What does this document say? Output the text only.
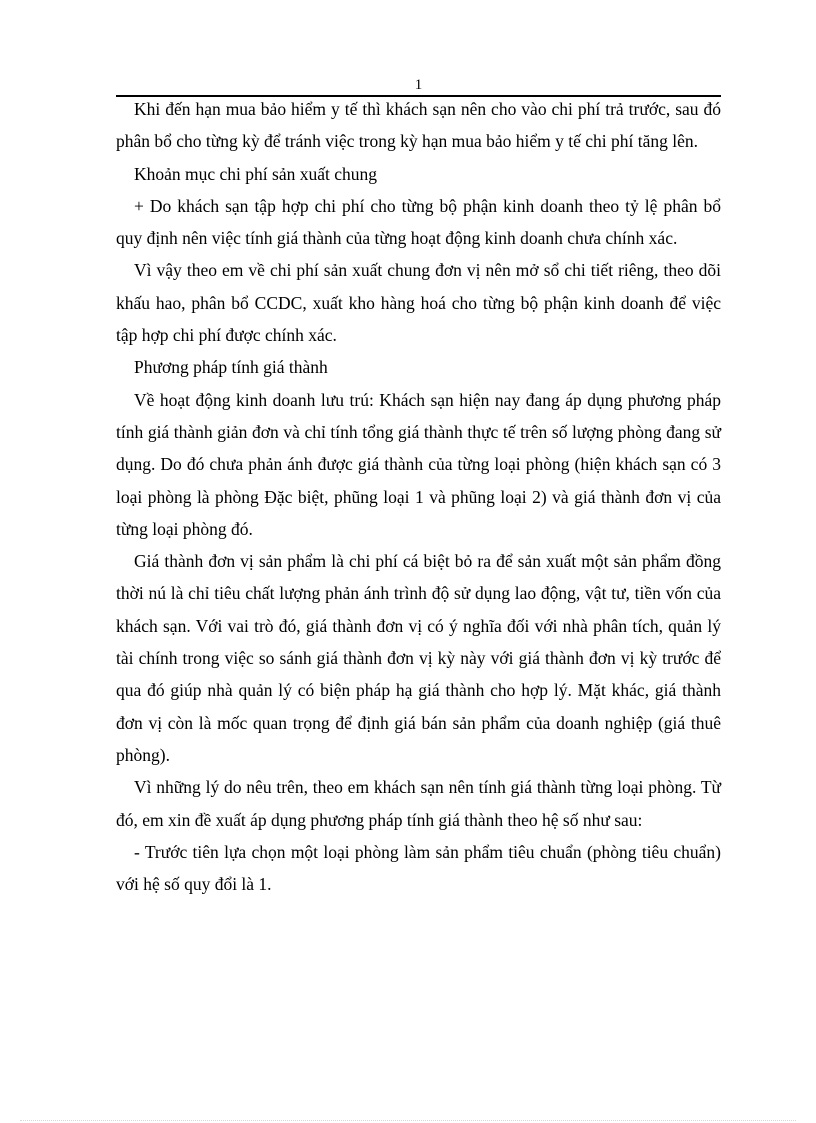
1

Khi đến hạn mua bảo hiểm y tế thì khách sạn nên cho vào chi phí trả trước, sau đó phân bổ cho từng kỳ để tránh việc trong kỳ hạn mua bảo hiểm y tế chi phí tăng lên.

Khoản mục chi phí sản xuất chung

+ Do khách sạn tập hợp chi phí cho từng bộ phận kinh doanh theo tỷ lệ phân bổ quy định nên việc tính giá thành của từng hoạt động kinh doanh chưa chính xác.

Vì vậy theo em về chi phí sản xuất chung đơn vị nên mở sổ chi tiết riêng, theo dõi khấu hao, phân bổ CCDC, xuất kho hàng hoá cho từng bộ phận kinh doanh để việc tập hợp chi phí được chính xác.

Phương pháp tính giá thành

Về hoạt động kinh doanh lưu trú: Khách sạn hiện nay đang áp dụng phương pháp tính giá thành giản đơn và chỉ tính tổng giá thành thực tế trên số lượng phòng đang sử dụng. Do đó chưa phản ánh được giá thành của từng loại phòng (hiện khách sạn có 3 loại phòng là phòng Đặc biệt, phũng loại 1 và phũng loại 2) và giá thành đơn vị của từng loại phòng đó.

Giá thành đơn vị sản phẩm là chi phí cá biệt bỏ ra để sản xuất một sản phẩm đồng thời nú là chỉ tiêu chất lượng phản ánh trình độ sử dụng lao động, vật tư, tiền vốn của khách sạn. Với vai trò đó, giá thành đơn vị có ý nghĩa đối với nhà phân tích, quản lý tài chính trong việc so sánh giá thành đơn vị kỳ này với giá thành đơn vị kỳ trước để qua đó giúp nhà quản lý có biện pháp hạ giá thành cho hợp lý. Mặt khác, giá thành đơn vị còn là mốc quan trọng để định giá bán sản phẩm của doanh nghiệp (giá thuê phòng).

Vì những lý do nêu trên, theo em khách sạn nên tính giá thành từng loại phòng. Từ đó, em xin đề xuất áp dụng phương pháp tính giá thành theo hệ số như sau:

- Trước tiên lựa chọn một loại phòng làm sản phẩm tiêu chuẩn (phòng tiêu chuẩn) với hệ số quy đổi là 1.
